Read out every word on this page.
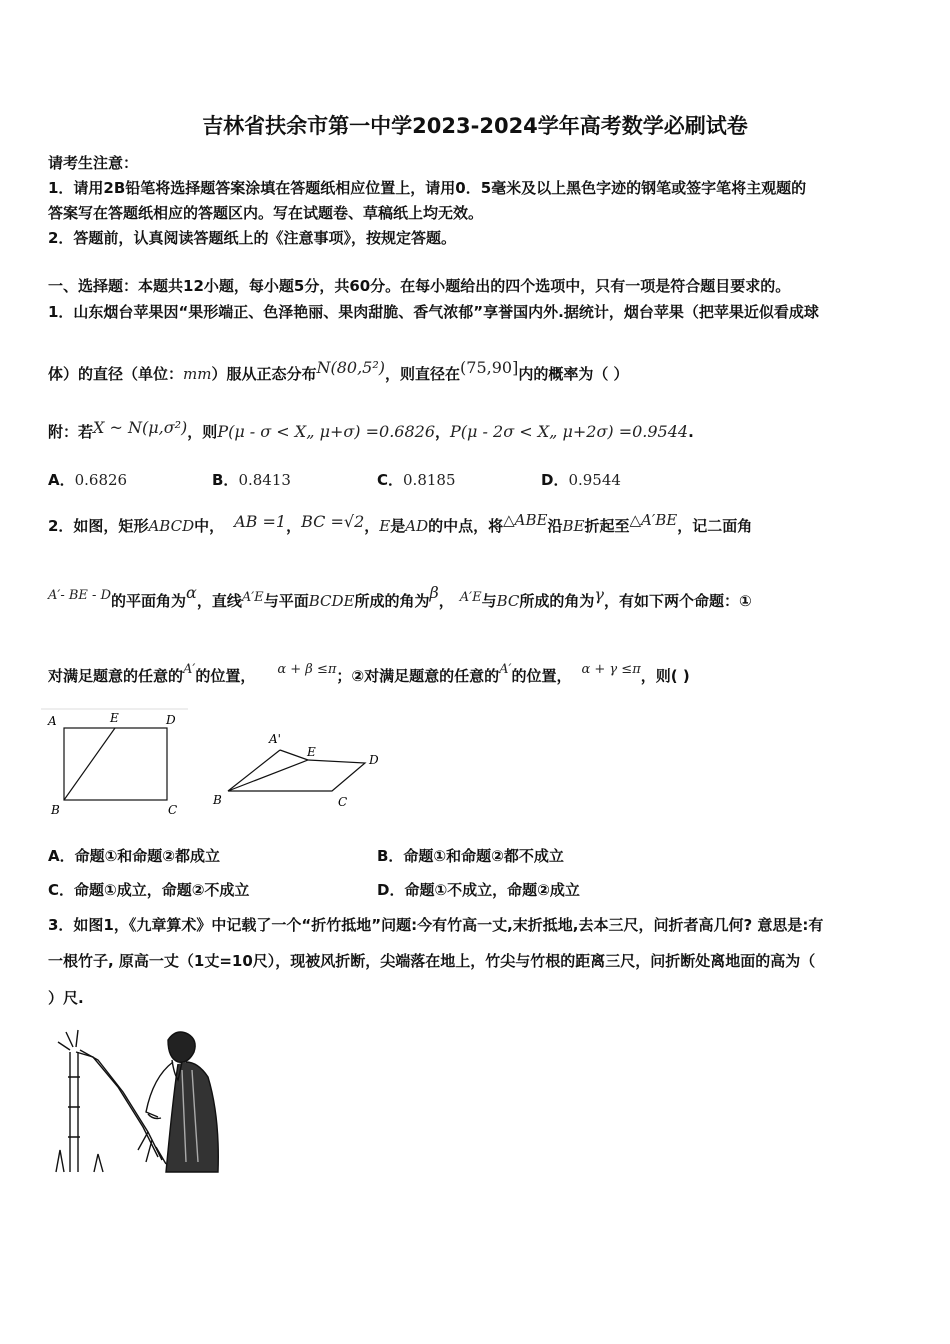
吉林省扶余市第一中学2023-2024学年高考数学必刷试卷
请考生注意：
1．请用2B铅笔将选择题答案涂填在答题纸相应位置上，请用0．5毫米及以上黑色字迹的钢笔或签字笔将主观题的
答案写在答题纸相应的答题区内。写在试题卷、草稿纸上均无效。
2．答题前，认真阅读答题纸上的《注意事项》，按规定答题。
一、选择题：本题共12小题，每小题5分，共60分。在每小题给出的四个选项中，只有一项是符合题目要求的。
1．山东烟台苹果因“果形端正、色泽艳丽、果肉甜脆、香气浓郁”享誉国内外.据统计，烟台苹果（把苹果近似看成球
体）的直径（单位：mm）服从正态分布N(80,5²)，则直径在(75,90]内的概率为（ ）
附：若X ~ N(μ,σ²)，则P(μ - σ < X„ μ+σ) =0.6826，P(μ - 2σ < X„ μ+2σ) =0.9544.
A．0.6826	B．0.8413	C．0.8185	D．0.9544
2．如图，矩形ABCD中， AB =1，BC =√2，E是AD的中点，将△ABE沿BE折起至△A′BE，记二面角
A′- BE - D的平面角为α，直线A′E与平面BCDE所成的角为β， A′E与BC所成的角为γ，有如下两个命题：①
对满足题意的任意的A′的位置， α + β ≤π；②对满足题意的任意的A′的位置， α + γ ≤π，则( )
A	E	D
B	C
A'
E
D
B	C
A．命题①和命题②都成立	B．命题①和命题②都不成立
C．命题①成立，命题②不成立	D．命题①不成立，命题②成立
3．如图1，《九章算术》中记载了一个“折竹抵地”问题:今有竹高一丈,末折抵地,去本三尺，问折者高几何? 意思是:有
一根竹子, 原高一丈（1丈=10尺），现被风折断，尖端落在地上，竹尖与竹根的距离三尺，问折断处离地面的高为（
）尺.
